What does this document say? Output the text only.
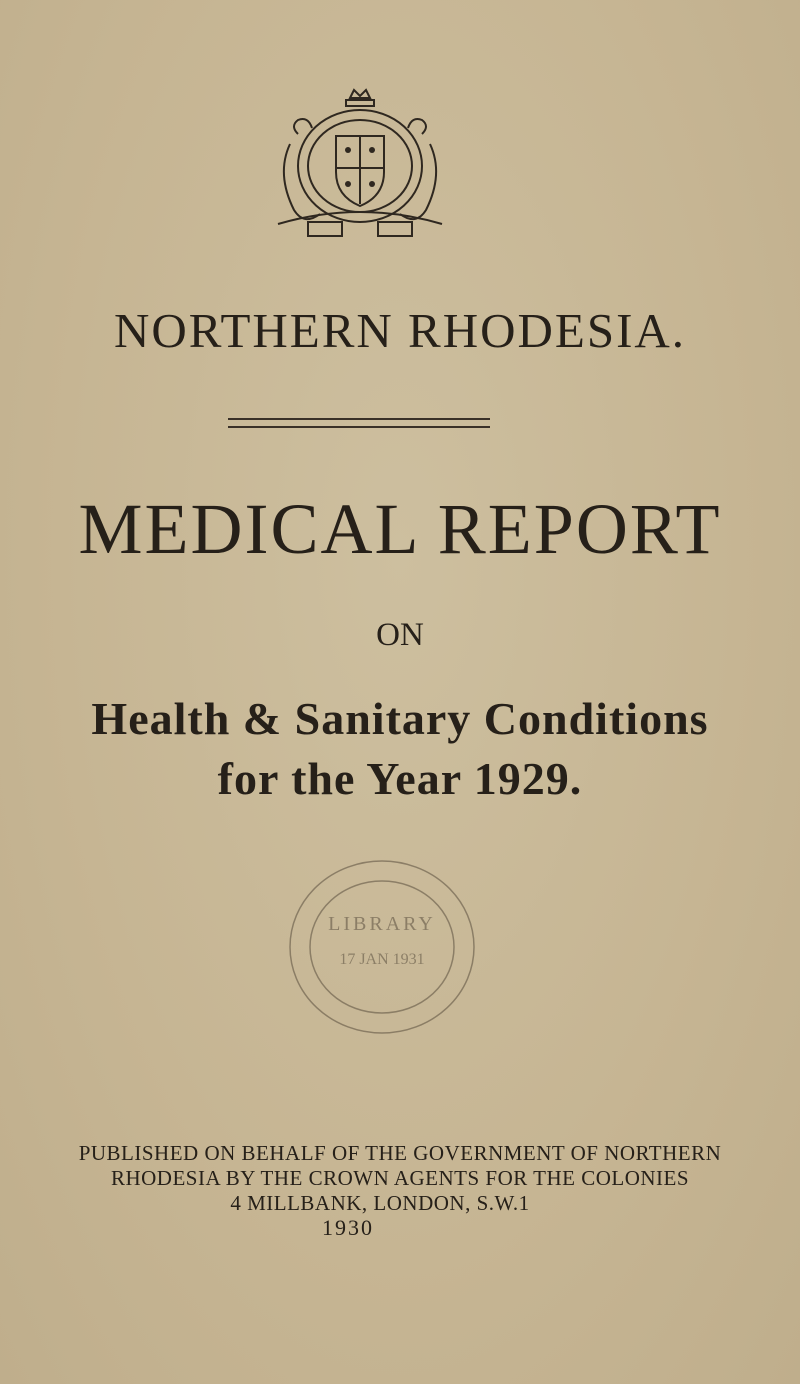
NORTHERN RHODESIA.
MEDICAL REPORT
ON
Health & Sanitary Conditions
for the Year 1929.
LIBRARY
17 JAN 1931
PUBLISHED ON BEHALF OF THE GOVERNMENT OF NORTHERN
RHODESIA BY THE CROWN AGENTS FOR THE COLONIES
4 MILLBANK, LONDON, S.W.1
1930
